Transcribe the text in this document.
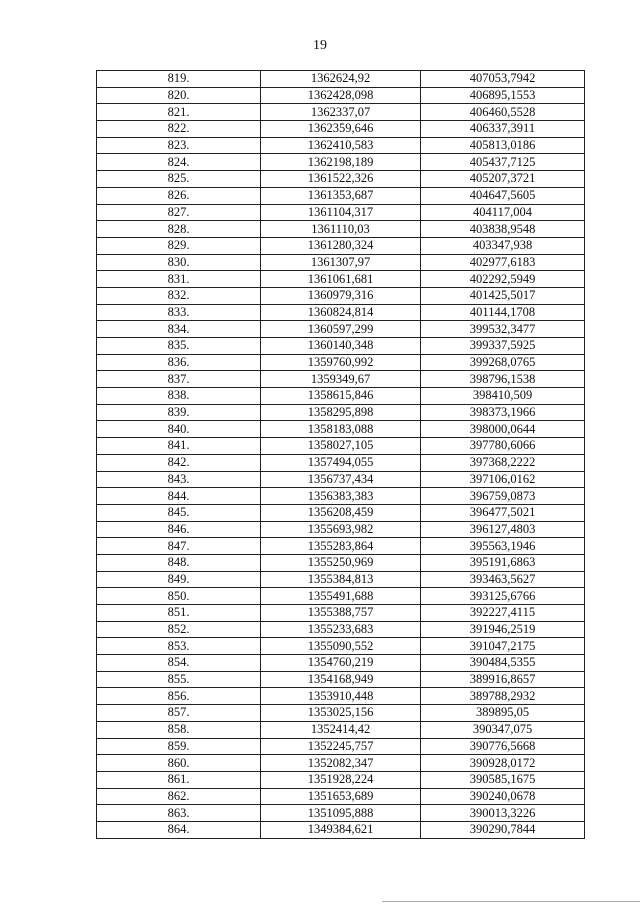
19
819.	1362624,92	407053,7942
820.	1362428,098	406895,1553
821.	1362337,07	406460,5528
822.	1362359,646	406337,3911
823.	1362410,583	405813,0186
824.	1362198,189	405437,7125
825.	1361522,326	405207,3721
826.	1361353,687	404647,5605
827.	1361104,317	404117,004
828.	1361110,03	403838,9548
829.	1361280,324	403347,938
830.	1361307,97	402977,6183
831.	1361061,681	402292,5949
832.	1360979,316	401425,5017
833.	1360824,814	401144,1708
834.	1360597,299	399532,3477
835.	1360140,348	399337,5925
836.	1359760,992	399268,0765
837.	1359349,67	398796,1538
838.	1358615,846	398410,509
839.	1358295,898	398373,1966
840.	1358183,088	398000,0644
841.	1358027,105	397780,6066
842.	1357494,055	397368,2222
843.	1356737,434	397106,0162
844.	1356383,383	396759,0873
845.	1356208,459	396477,5021
846.	1355693,982	396127,4803
847.	1355283,864	395563,1946
848.	1355250,969	395191,6863
849.	1355384,813	393463,5627
850.	1355491,688	393125,6766
851.	1355388,757	392227,4115
852.	1355233,683	391946,2519
853.	1355090,552	391047,2175
854.	1354760,219	390484,5355
855.	1354168,949	389916,8657
856.	1353910,448	389788,2932
857.	1353025,156	389895,05
858.	1352414,42	390347,075
859.	1352245,757	390776,5668
860.	1352082,347	390928,0172
861.	1351928,224	390585,1675
862.	1351653,689	390240,0678
863.	1351095,888	390013,3226
864.	1349384,621	390290,7844
